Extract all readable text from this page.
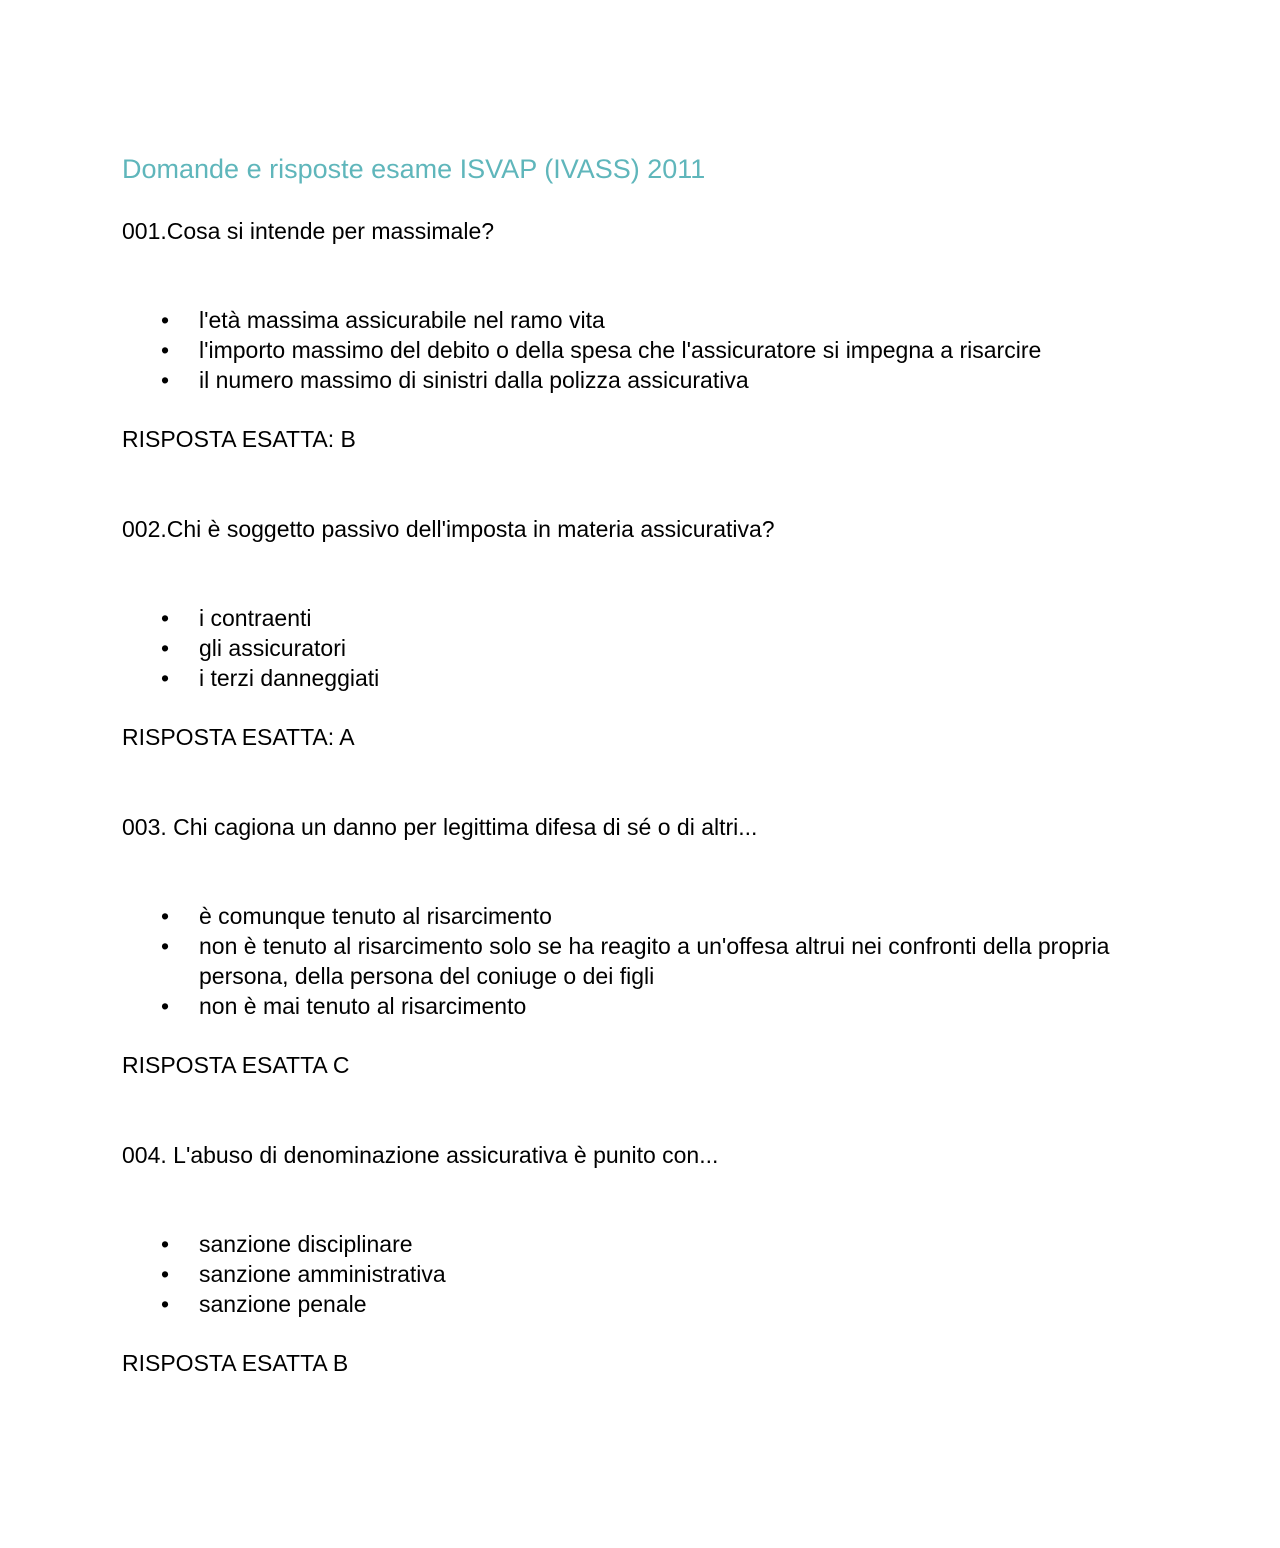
Domande e risposte esame ISVAP (IVASS) 2011

001.Cosa si intende per massimale?

• l'età massima assicurabile nel ramo vita
• l'importo massimo del debito o della spesa che l'assicuratore si impegna a risarcire
• il numero massimo di sinistri dalla polizza assicurativa

RISPOSTA ESATTA: B

002.Chi è soggetto passivo dell'imposta in materia assicurativa?

• i contraenti
• gli assicuratori
• i terzi danneggiati

RISPOSTA ESATTA: A

003. Chi cagiona un danno per legittima difesa di sé o di altri...

• è comunque tenuto al risarcimento
• non è tenuto al risarcimento solo se ha reagito a un'offesa altrui nei confronti della propria persona, della persona del coniuge o dei figli
• non è mai tenuto al risarcimento

RISPOSTA ESATTA C

004. L'abuso di denominazione assicurativa è punito con...

• sanzione disciplinare
• sanzione amministrativa
• sanzione penale

RISPOSTA ESATTA B
